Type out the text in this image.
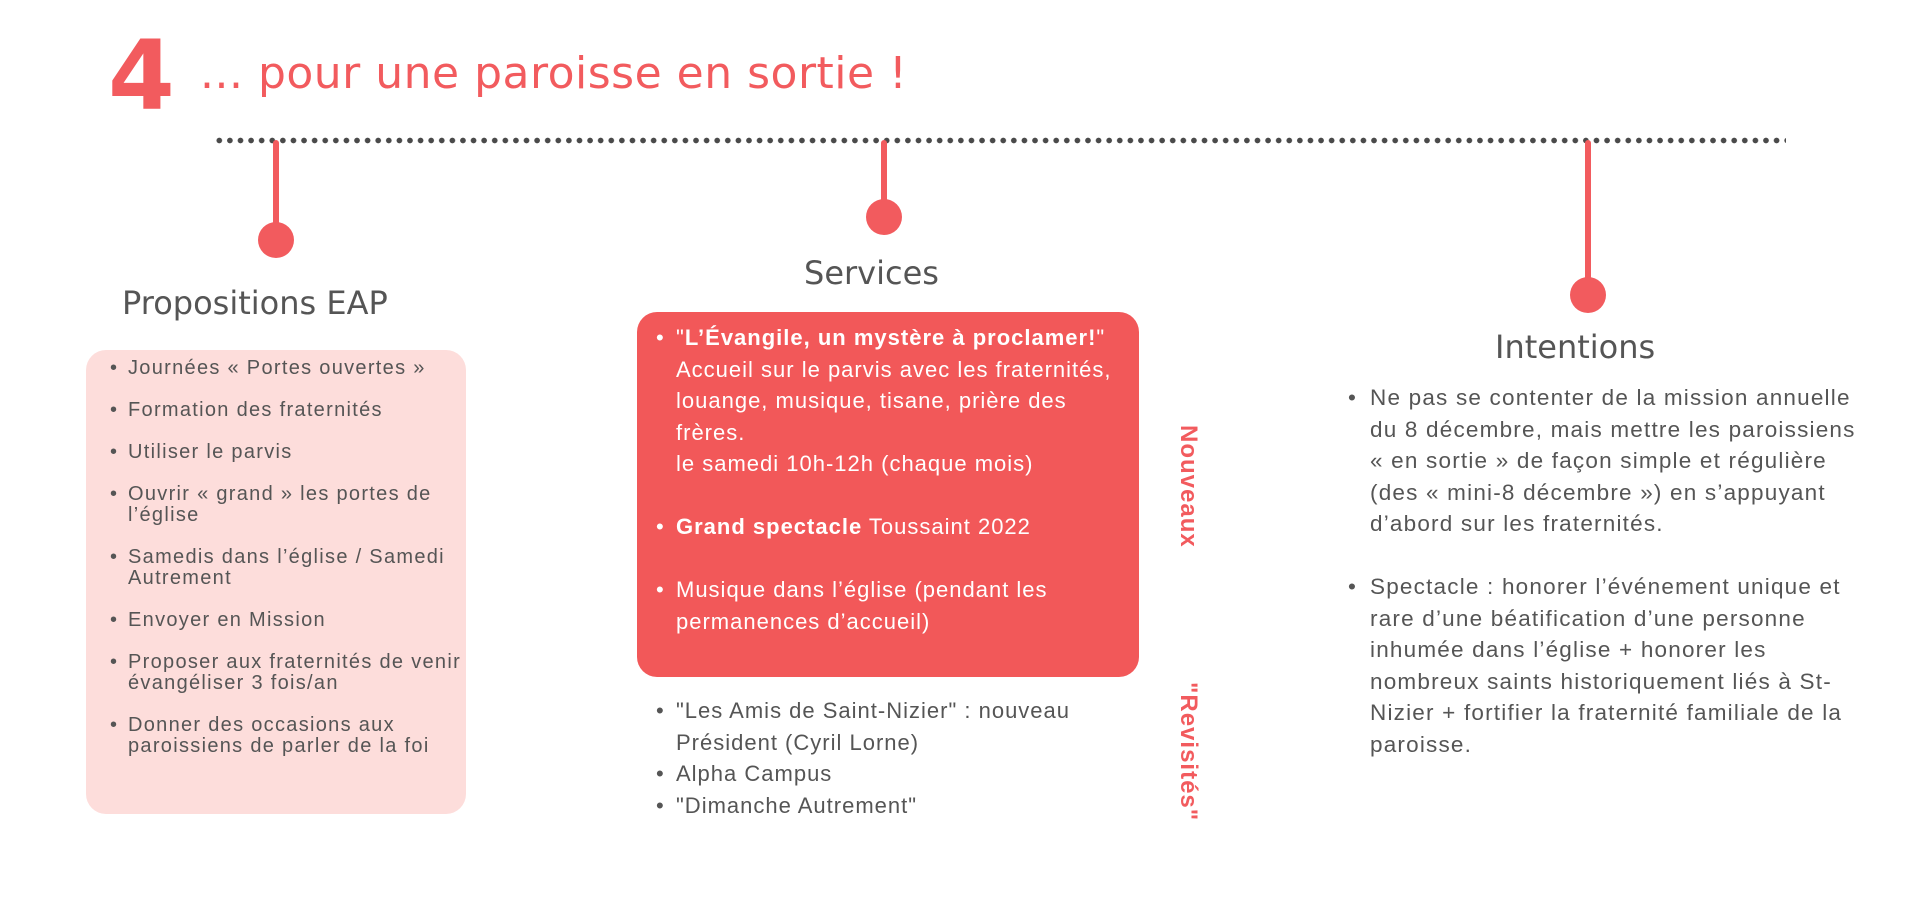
4 ... pour une paroisse en sortie !
Propositions EAP
• Journées « Portes ouvertes »
• Formation des fraternités
• Utiliser le parvis
• Ouvrir « grand » les portes de l’église
• Samedis dans l’église / Samedi Autrement
• Envoyer en Mission
• Proposer aux fraternités de venir évangéliser 3 fois/an
• Donner des occasions aux paroissiens de parler de la foi
Services
• "L’Évangile, un mystère à proclamer!"
Accueil sur le parvis avec les fraternités, louange, musique, tisane, prière des frères.
le samedi 10h-12h (chaque mois)
• Grand spectacle Toussaint 2022
• Musique dans l’église (pendant les permanences d’accueil)
Nouveaux
"Revisités"
• "Les Amis de Saint-Nizier" : nouveau Président (Cyril Lorne)
• Alpha Campus
• "Dimanche Autrement"
Intentions
• Ne pas se contenter de la mission annuelle du 8 décembre, mais mettre les paroissiens « en sortie » de façon simple et régulière (des « mini-8 décembre ») en s’appuyant d’abord sur les fraternités.
• Spectacle : honorer l’événement unique et rare d’une béatification d’une personne inhumée dans l’église + honorer les nombreux saints historiquement liés à St-Nizier + fortifier la fraternité familiale de la paroisse.
